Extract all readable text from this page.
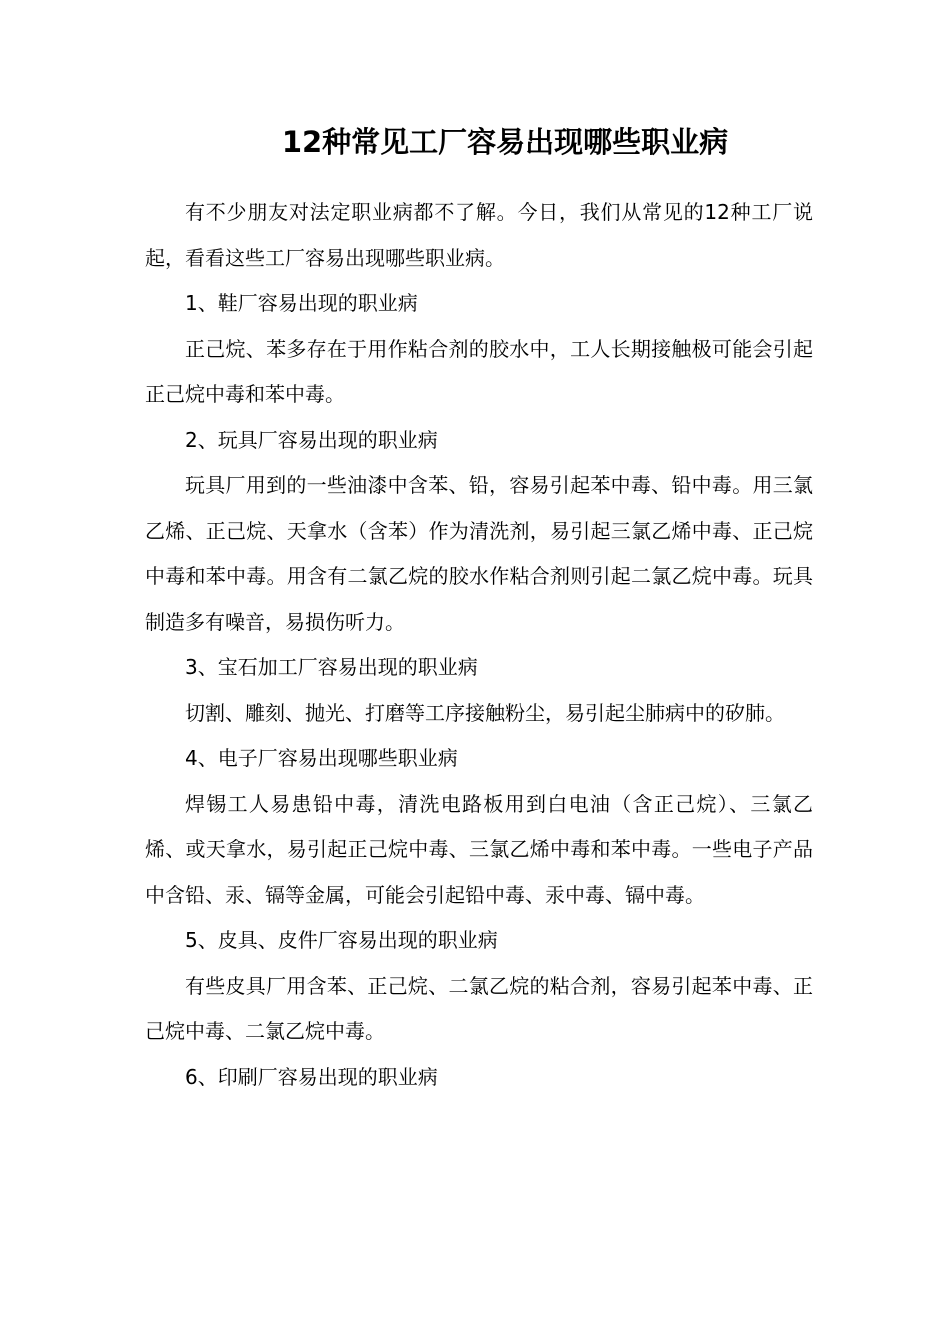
12种常见工厂容易出现哪些职业病

有不少朋友对法定职业病都不了解。今日，我们从常见的12种工厂说起，看看这些工厂容易出现哪些职业病。

1、鞋厂容易出现的职业病

正己烷、苯多存在于用作粘合剂的胶水中，工人长期接触极可能会引起正己烷中毒和苯中毒。

2、玩具厂容易出现的职业病

玩具厂用到的一些油漆中含苯、铅，容易引起苯中毒、铅中毒。用三氯乙烯、正己烷、天拿水（含苯）作为清洗剂，易引起三氯乙烯中毒、正己烷中毒和苯中毒。用含有二氯乙烷的胶水作粘合剂则引起二氯乙烷中毒。玩具制造多有噪音，易损伤听力。

3、宝石加工厂容易出现的职业病

切割、雕刻、抛光、打磨等工序接触粉尘，易引起尘肺病中的矽肺。

4、电子厂容易出现哪些职业病

焊锡工人易患铅中毒，清洗电路板用到白电油（含正己烷）、三氯乙烯、或天拿水，易引起正己烷中毒、三氯乙烯中毒和苯中毒。一些电子产品中含铅、汞、镉等金属，可能会引起铅中毒、汞中毒、镉中毒。

5、皮具、皮件厂容易出现的职业病

有些皮具厂用含苯、正己烷、二氯乙烷的粘合剂，容易引起苯中毒、正己烷中毒、二氯乙烷中毒。

6、印刷厂容易出现的职业病
